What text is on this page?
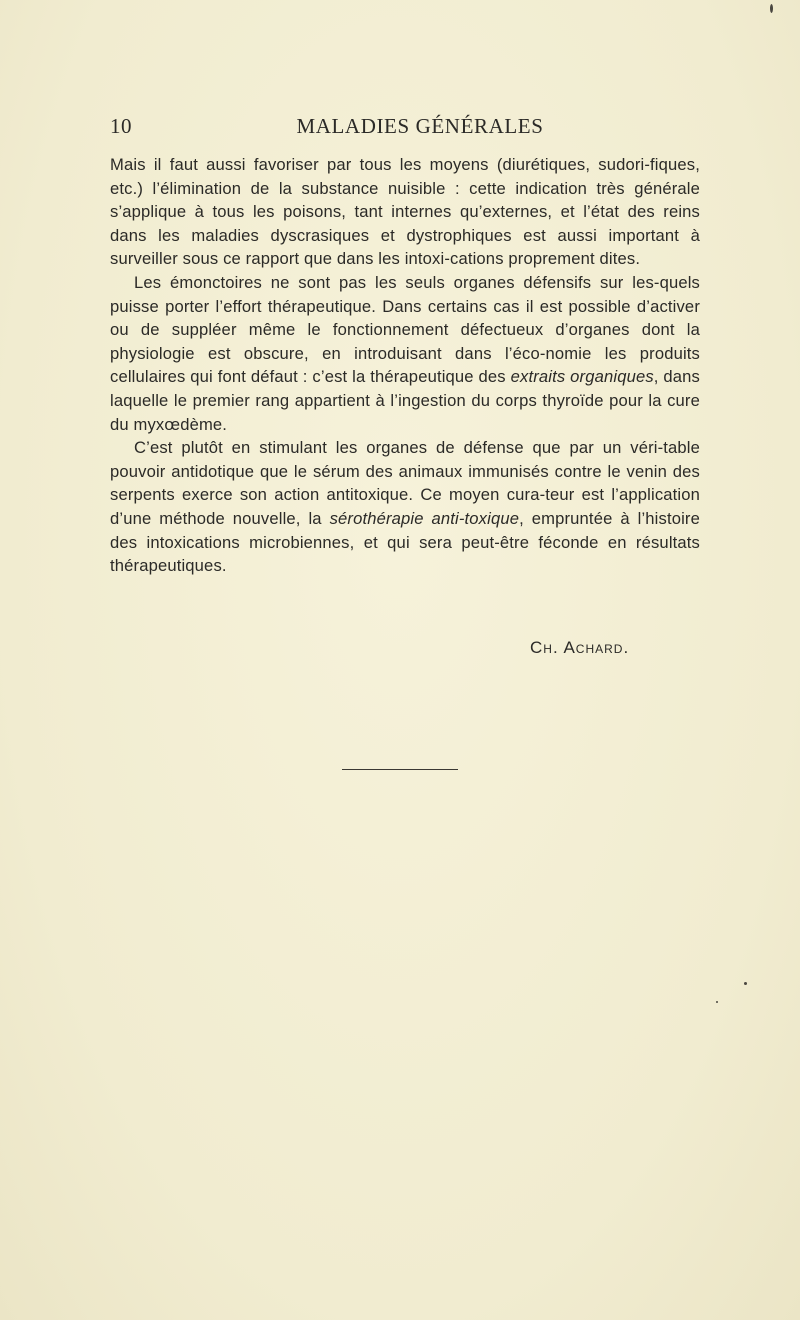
10	MALADIES GÉNÉRALES

Mais il faut aussi favoriser par tous les moyens (diurétiques, sudori-fiques, etc.) l’élimination de la substance nuisible : cette indication très générale s’applique à tous les poisons, tant internes qu’externes, et l’état des reins dans les maladies dyscrasiques et dystrophiques est aussi important à surveiller sous ce rapport que dans les intoxi-cations proprement dites.

Les émonctoires ne sont pas les seuls organes défensifs sur les-quels puisse porter l’effort thérapeutique. Dans certains cas il est possible d’activer ou de suppléer même le fonctionnement défectueux d’organes dont la physiologie est obscure, en introduisant dans l’éco-nomie les produits cellulaires qui font défaut : c’est la thérapeutique des extraits organiques, dans laquelle le premier rang appartient à l’ingestion du corps thyroïde pour la cure du myxœdème.

C’est plutôt en stimulant les organes de défense que par un véri-table pouvoir antidotique que le sérum des animaux immunisés contre le venin des serpents exerce son action antitoxique. Ce moyen cura-teur est l’application d’une méthode nouvelle, la sérothérapie anti-toxique, empruntée à l’histoire des intoxications microbiennes, et qui sera peut-être féconde en résultats thérapeutiques.

Ch. Achard.
